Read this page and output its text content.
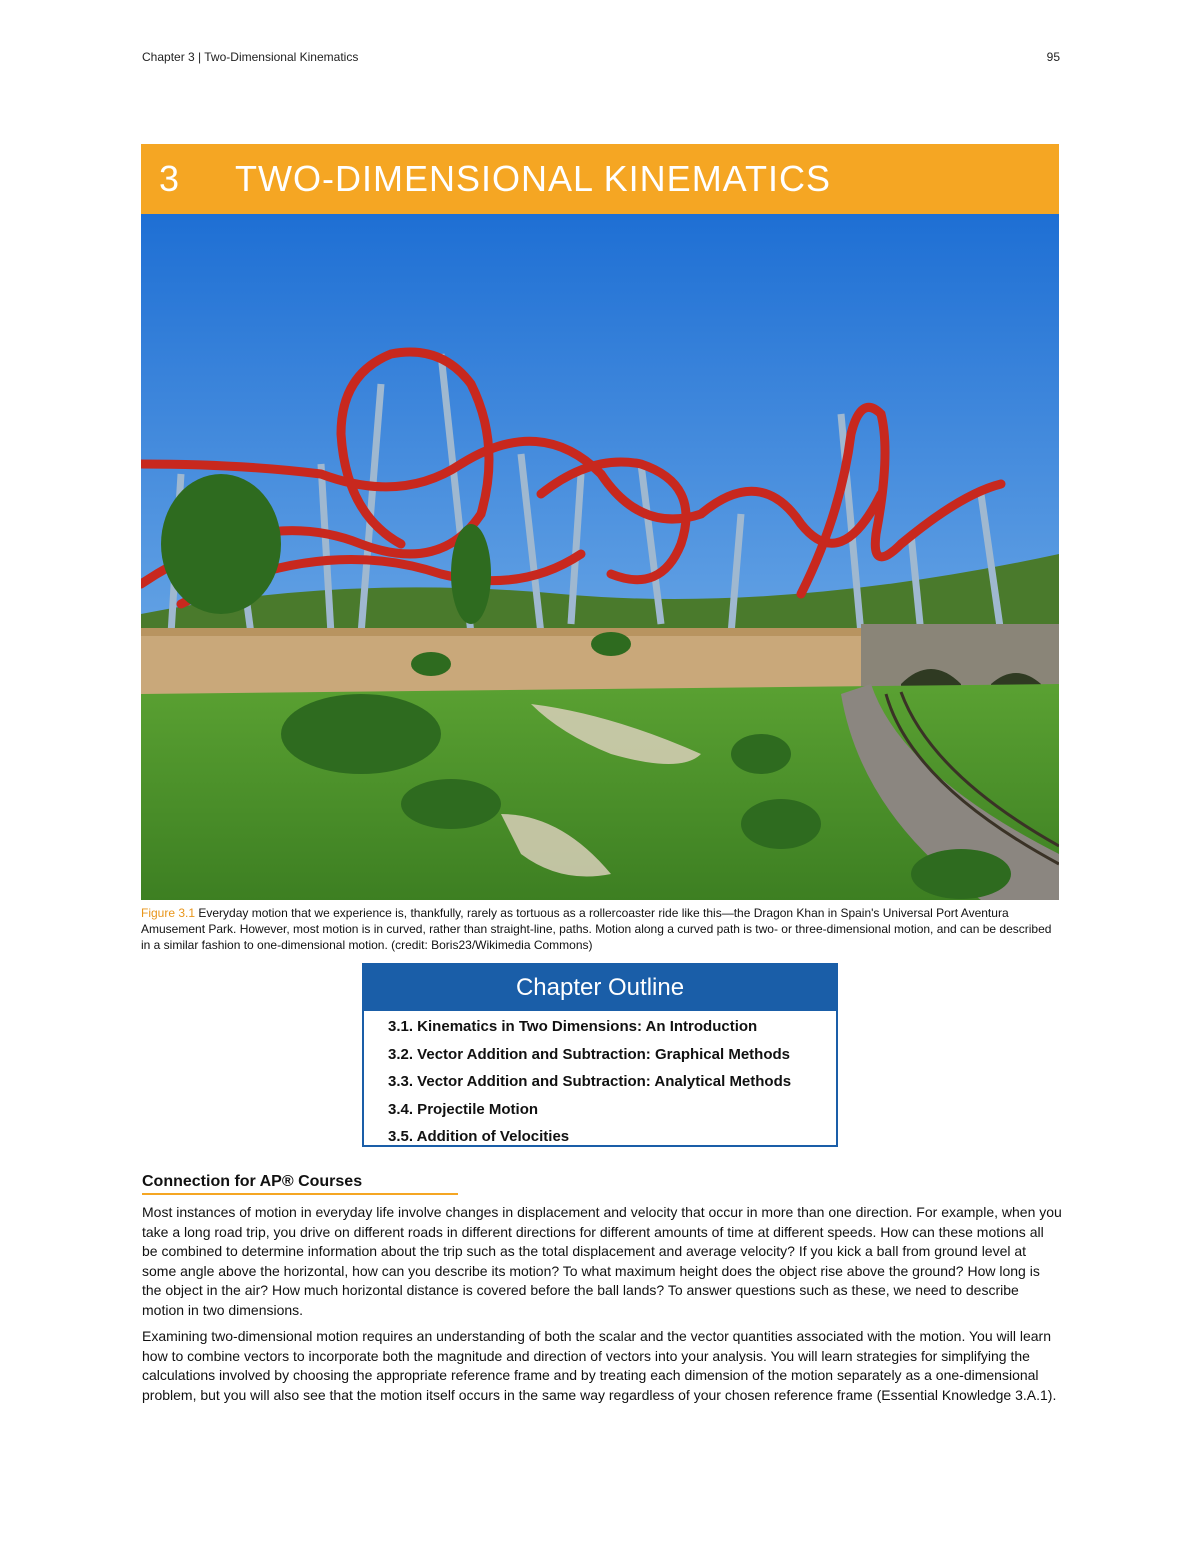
Chapter 3 | Two-Dimensional Kinematics	95
3 TWO-DIMENSIONAL KINEMATICS
Figure 3.1 Everyday motion that we experience is, thankfully, rarely as tortuous as a rollercoaster ride like this—the Dragon Khan in Spain's Universal Port Aventura Amusement Park. However, most motion is in curved, rather than straight-line, paths. Motion along a curved path is two- or three-dimensional motion, and can be described in a similar fashion to one-dimensional motion. (credit: Boris23/Wikimedia Commons)
Chapter Outline
3.1. Kinematics in Two Dimensions: An Introduction
3.2. Vector Addition and Subtraction: Graphical Methods
3.3. Vector Addition and Subtraction: Analytical Methods
3.4. Projectile Motion
3.5. Addition of Velocities
Connection for AP® Courses

Most instances of motion in everyday life involve changes in displacement and velocity that occur in more than one direction. For example, when you take a long road trip, you drive on different roads in different directions for different amounts of time at different speeds. How can these motions all be combined to determine information about the trip such as the total displacement and average velocity? If you kick a ball from ground level at some angle above the horizontal, how can you describe its motion? To what maximum height does the object rise above the ground? How long is the object in the air? How much horizontal distance is covered before the ball lands? To answer questions such as these, we need to describe motion in two dimensions.

Examining two-dimensional motion requires an understanding of both the scalar and the vector quantities associated with the motion. You will learn how to combine vectors to incorporate both the magnitude and direction of vectors into your analysis. You will learn strategies for simplifying the calculations involved by choosing the appropriate reference frame and by treating each dimension of the motion separately as a one-dimensional problem, but you will also see that the motion itself occurs in the same way regardless of your chosen reference frame (Essential Knowledge 3.A.1).
